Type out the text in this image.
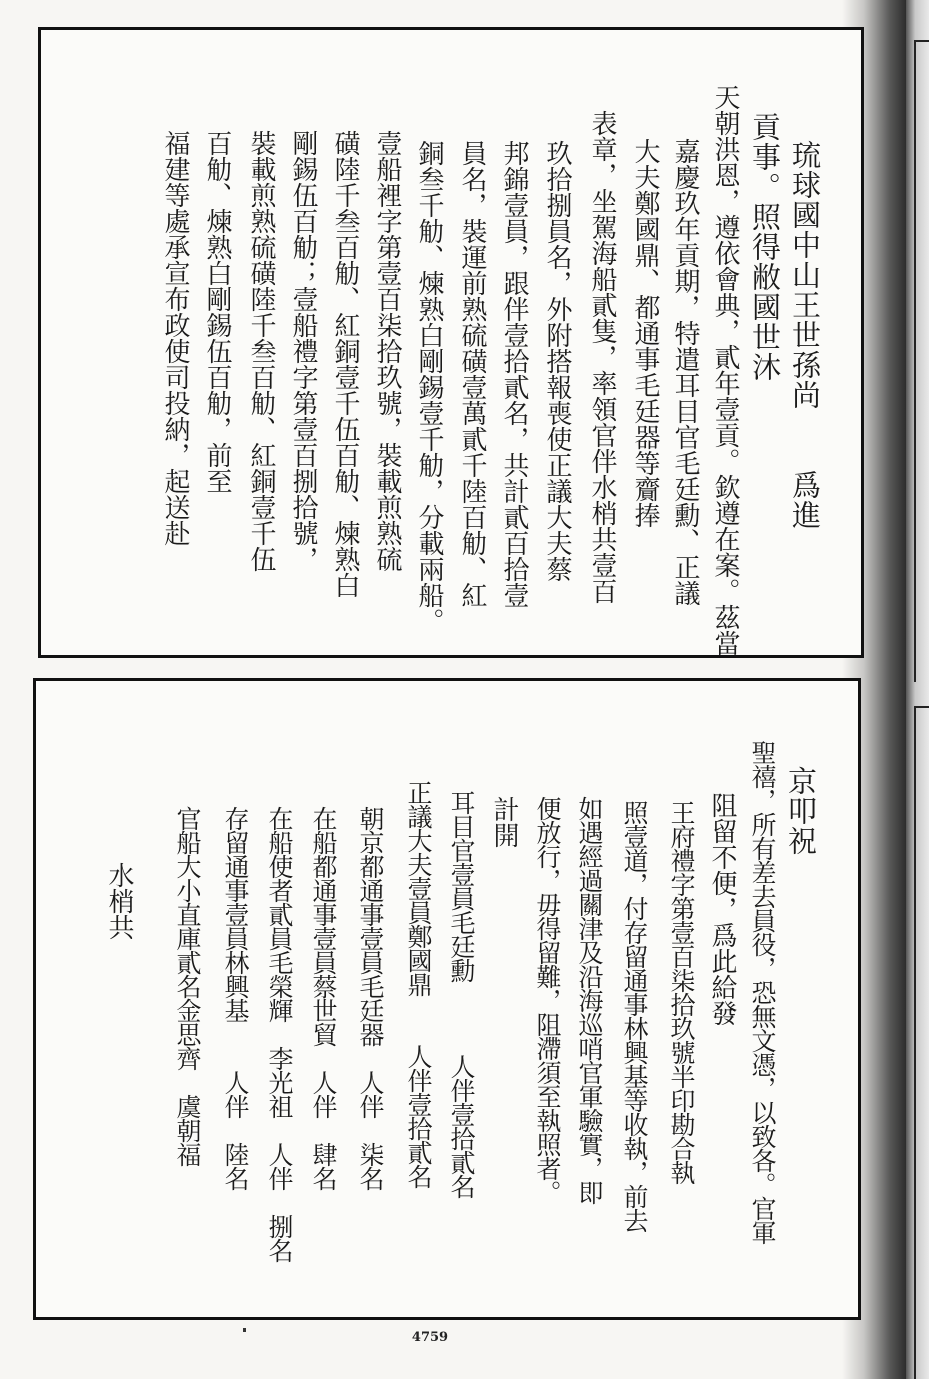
琉球國中山王世孫尚　　爲進
貢事。照得敝國世沐
天朝洪恩，遵依會典，貳年壹貢。欽遵在案。茲當
嘉慶玖年貢期，特遣耳目官毛廷勳、正議
大夫鄭國鼎、都通事毛廷器等齎捧
表章，坐駕海船貳隻，率領官伴水梢共壹百
玖拾捌員名，外附搭報喪使正議大夫蔡
邦錦壹員，跟伴壹拾貳名，共計貳百拾壹
員名，裝運前熟硫磺壹萬貳千陸百觔、紅
銅叁千觔、煉熟白剛錫壹千觔，分載兩船。
壹船裡字第壹百柒拾玖號，裝載煎熟硫
磺陸千叁百觔、紅銅壹千伍百觔、煉熟白
剛錫伍百觔；壹船禮字第壹百捌拾號，
裝載煎熟硫磺陸千叁百觔、紅銅壹千伍
百觔、煉熟白剛錫伍百觔，前至
福建等處承宣布政使司投納，起送赴
京叩祝
聖禧，所有差去員役，恐無文憑，以致各。官軍
阻留不便，爲此給發
王府禮字第壹百柒拾玖號半印勘合執
照壹道，付存留通事林興基等收執，前去
如遇經過關津及沿海巡哨官軍驗實，即
便放行，毋得留難，阻滯須至執照者。
計開
耳目官壹員毛廷勳　　　人伴壹拾貳名
正議大夫壹員鄭國鼎　　人伴壹拾貳名
朝京都通事壹員毛廷器　人伴　柒名
在船都通事壹員蔡世貿　人伴　肆名
在船使者貳員毛榮輝　李光祖　人伴　捌名
存留通事壹員林興基　　人伴　陸名
官船大小直庫貳名金思齊　虞朝福
水梢共
4759
